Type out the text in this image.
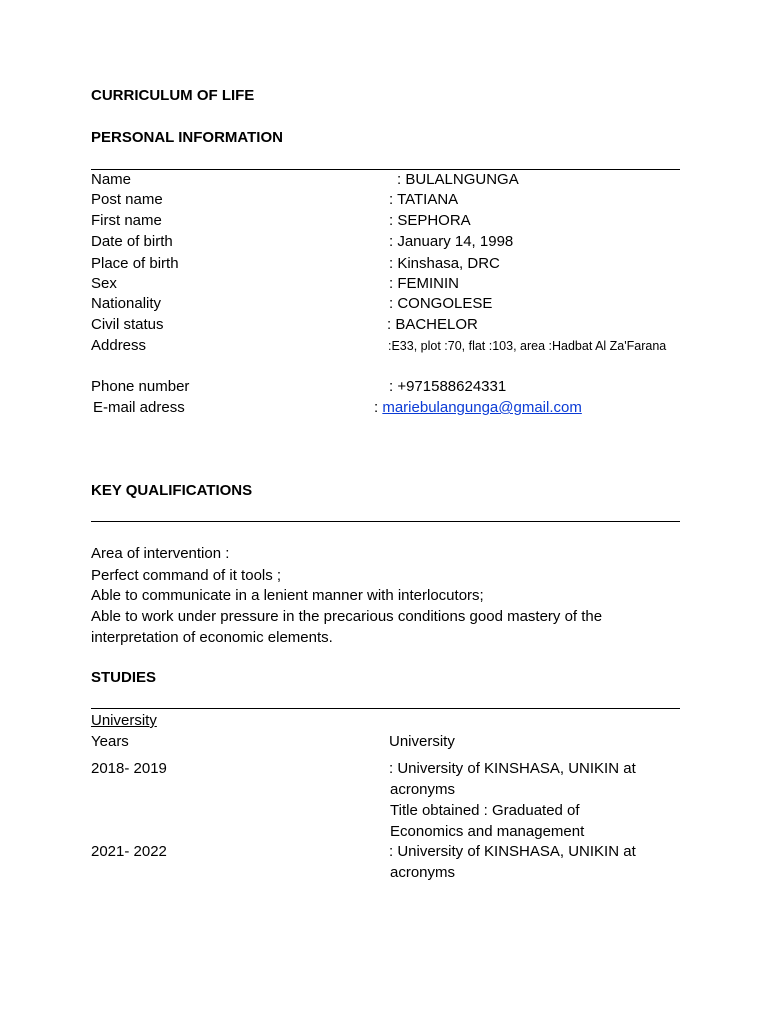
CURRICULUM OF LIFE
PERSONAL INFORMATION
Name	: BULALNGUNGA
Post name	: TATIANA
First name	: SEPHORA
Date of birth	: January 14, 1998
Place of birth	: Kinshasa, DRC
Sex	: FEMININ
Nationality	: CONGOLESE
Civil status	: BACHELOR
Address	:E33, plot :70, flat :103, area :Hadbat Al Za'Farana
Phone number	: +971588624331
E-mail adress	: mariebulangunga@gmail.com
KEY QUALIFICATIONS
Area of intervention :
Perfect command of it tools ;
Able to communicate in a lenient manner with interlocutors;
Able to work under pressure in the precarious conditions good mastery of the
interpretation of economic elements.
STUDIES
University
Years	University
2018- 2019	: University of KINSHASA, UNIKIN at
acronyms
Title obtained : Graduated of
Economics and management
2021- 2022	: University of KINSHASA, UNIKIN at
acronyms
